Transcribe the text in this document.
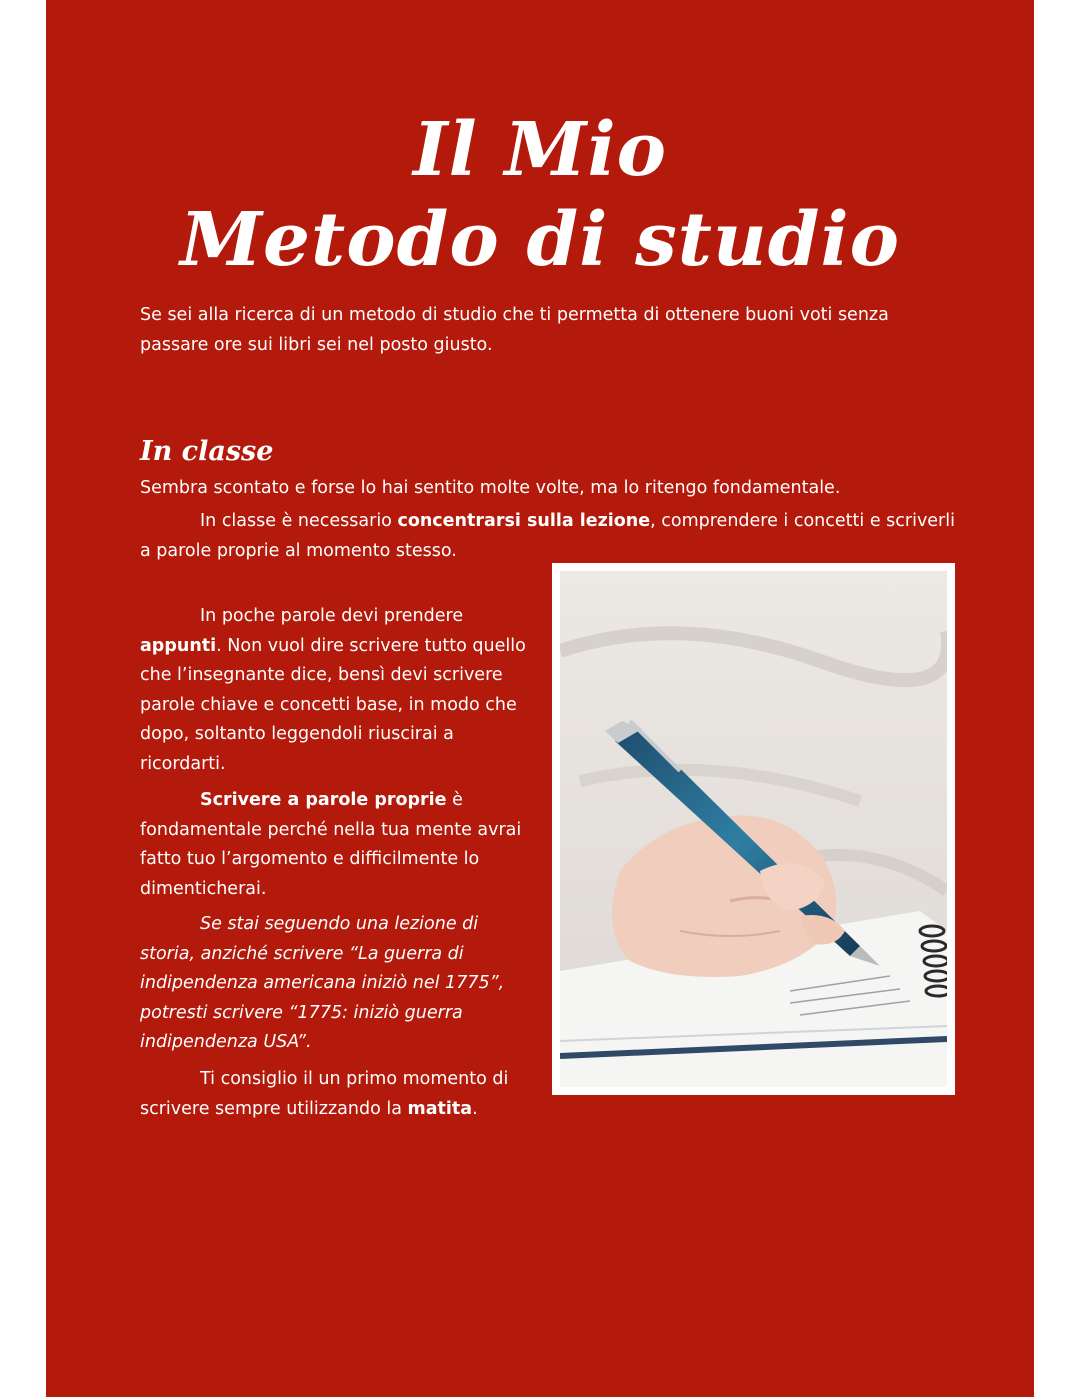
Il Mio
Metodo di studio

Se sei alla ricerca di un metodo di studio che ti permetta di ottenere buoni voti senza passare ore sui libri sei nel posto giusto.

In classe

Sembra scontato e forse lo hai sentito molte volte, ma lo ritengo fondamentale.

In classe è necessario concentrarsi sulla lezione, comprendere i concetti e scriverli a parole proprie al momento stesso.

In poche parole devi prendere appunti. Non vuol dire scrivere tutto quello che l’insegnante dice, bensì devi scrivere parole chiave e concetti base, in modo che dopo, soltanto leggendoli riuscirai a ricordarti.

Scrivere a parole proprie è fondamentale perché nella tua mente avrai fatto tuo l’argomento e difficilmente lo dimenticherai.

Se stai seguendo una lezione di storia, anziché scrivere “La guerra di indipendenza americana iniziò nel 1775”, potresti scrivere “1775: iniziò guerra indipendenza USA”.

Ti consiglio il un primo momento di scrivere sempre utilizzando la matita.
